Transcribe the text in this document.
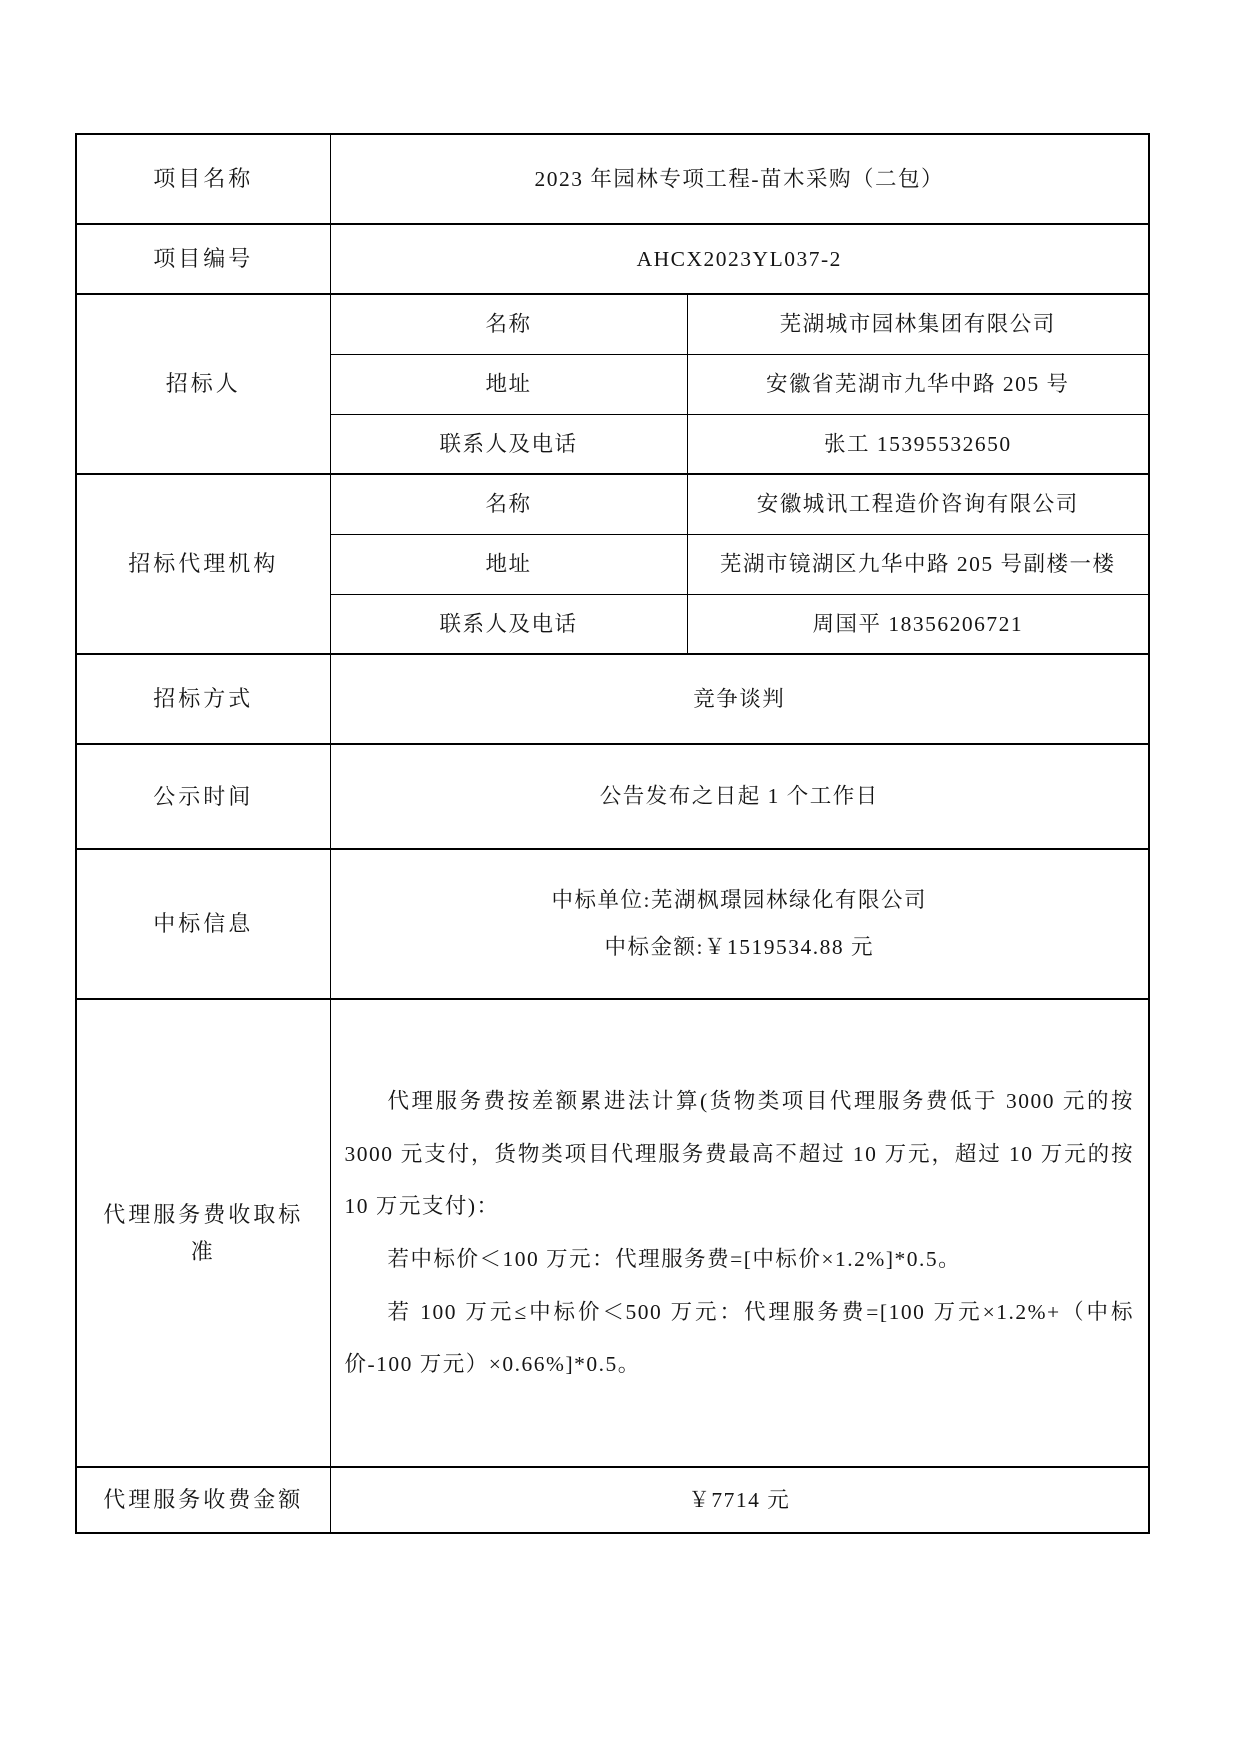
项目名称	2023 年园林专项工程-苗木采购（二包）	
项目编号	AHCX2023YL037-2	
招标人	名称	芜湖城市园林集团有限公司
	地址	安徽省芜湖市九华中路 205 号
	联系人及电话	张工 15395532650
招标代理机构	名称	安徽城讯工程造价咨询有限公司
	地址	芜湖市镜湖区九华中路 205 号副楼一楼
	联系人及电话	周国平 18356206721
招标方式	竞争谈判	
公示时间	公告发布之日起 1 个工作日	
中标信息	中标单位:芜湖枫璟园林绿化有限公司
中标金额:￥1519534.88 元	

代理服务费收取标准	代理服务费按差额累进法计算(货物类项目代理服务费低于 3000 元的按 3000 元支付，货物类项目代理服务费最高不超过 10 万元，超过 10 万元的按 10 万元支付)：

若中标价＜100 万元：代理服务费=[中标价×1.2%]*0.5。

若 100 万元≤中标价＜500 万元：代理服务费=[100 万元×1.2%+（中标价-100 万元）×0.66%]*0.5。	

代理服务收费金额	￥7714 元	
